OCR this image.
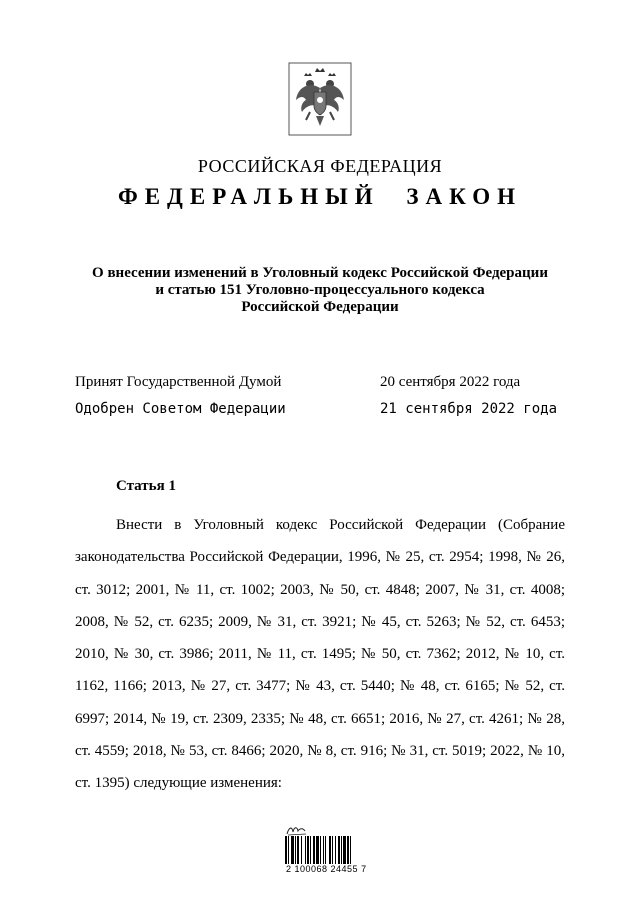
РОССИЙСКАЯ ФЕДЕРАЦИЯ
ФЕДЕРАЛЬНЫЙ ЗАКОН
О внесении изменений в Уголовный кодекс Российской Федерации
и статью 151 Уголовно-процессуального кодекса
Российской Федерации
Принят Государственной Думой	20 сентября 2022 года
Одобрен Советом Федерации	21 сентября 2022 года
Статья 1

Внести в Уголовный кодекс Российской Федерации (Собрание законодательства Российской Федерации, 1996, № 25, ст. 2954; 1998, № 26, ст. 3012; 2001, № 11, ст. 1002; 2003, № 50, ст. 4848; 2007, № 31, ст. 4008; 2008, № 52, ст. 6235; 2009, № 31, ст. 3921; № 45, ст. 5263; № 52, ст. 6453; 2010, № 30, ст. 3986; 2011, № 11, ст. 1495; № 50, ст. 7362; 2012, № 10, ст. 1162, 1166; 2013, № 27, ст. 3477; № 43, ст. 5440; № 48, ст. 6165; № 52, ст. 6997; 2014, № 19, ст. 2309, 2335; № 48, ст. 6651; 2016, № 27, ст. 4261; № 28, ст. 4559; 2018, № 53, ст. 8466; 2020, № 8, ст. 916; № 31, ст. 5019; 2022, № 10, ст. 1395) следующие изменения:

2 100068 24455 7
